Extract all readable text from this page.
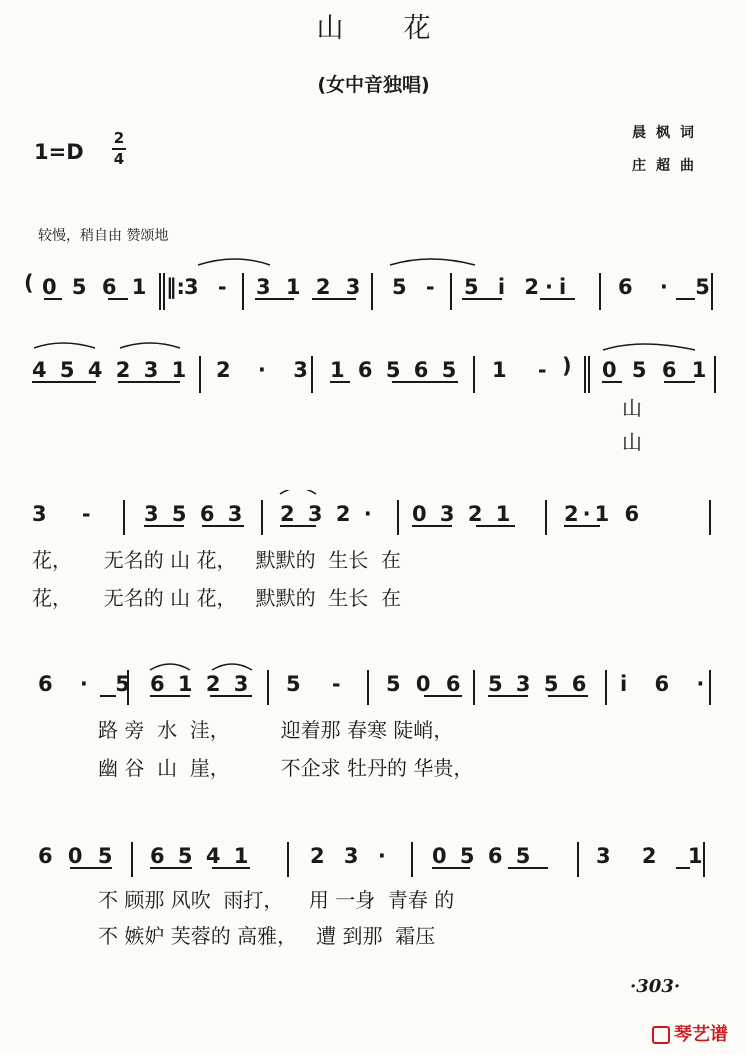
山花
(女中音独唱)
1=D
2
4
晨枫词
庄超曲
较慢，稍自由 赞颂地
( 0 5 6 1 ‖: 3 - 3 1 2 3 5 - 5 i 2·i 6 · 5
4 5 4 2 3 1 2 · 3 1 6 5 6 5 1 - ) 0 5 6 1
山
山
3 - 3 5 6 3 2 3 2 · 0 3 2 1 2·1 6
花，     无名的 山 花，   默默的  生长  在
花，     无名的 山 花，   默默的  生长  在
6 · 5 6 1 2 3 5 - 5 0 6 5 3 5 6 i 6 ·
路 旁  水  洼，        迎着那 春寒 陡峭，
幽 谷  山  崖，        不企求 牡丹的 华贵，
6 0 5 6 5 4 1	2 3 · 0 5 6 5	3 2 1
不 顾那 风吹  雨打，    用 一身  青春 的
不 嫉妒 芙蓉的 高雅，   遭 到那  霜压
·303·
琴艺谱
